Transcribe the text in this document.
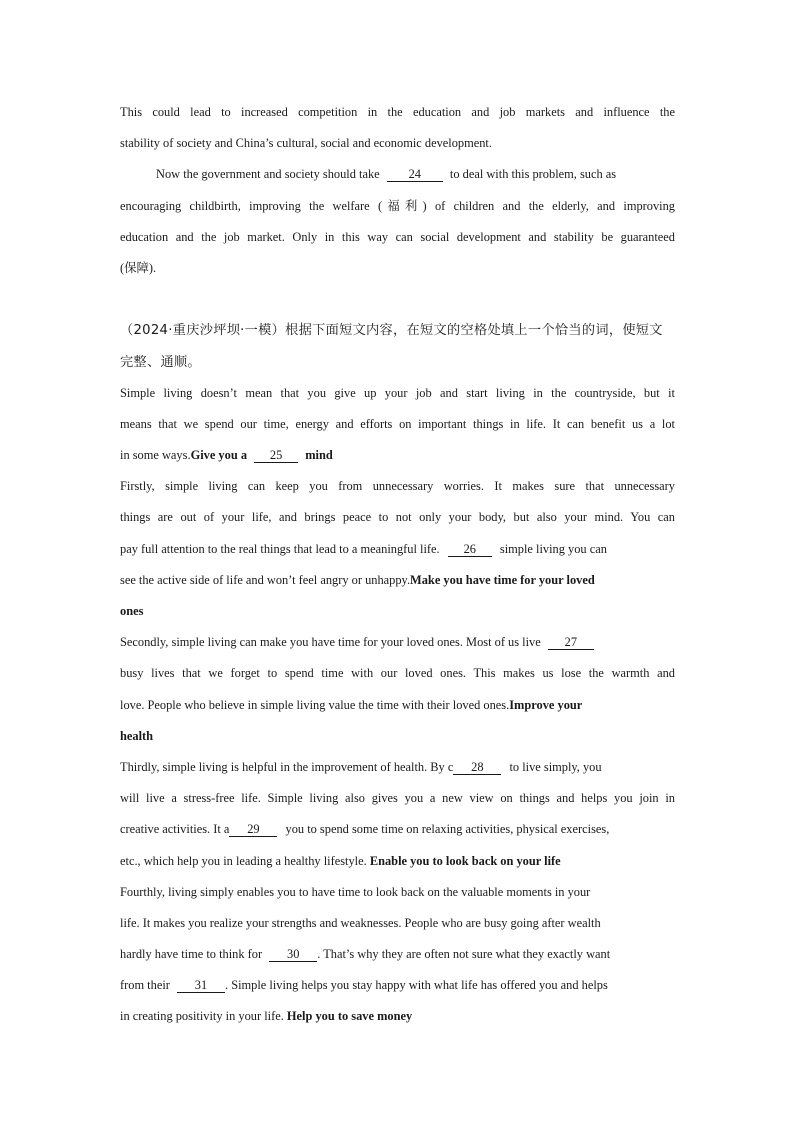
This could lead to increased competition in the education and job markets and influence the
stability of society and China’s cultural, social and economic development.
Now the government and society should take 24 to deal with this problem, such as
encouraging childbirth, improving the welfare (福利) of children and the elderly, and improving
education and the job market. Only in this way can social development and stability be guaranteed
(保障).
（2024·重庆沙坪坝·一模）根据下面短文内容，在短文的空格处填上一个恰当的词，使短文
完整、通顺。
Simple living doesn’t mean that you give up your job and start living in the countryside, but it
means that we spend our time, energy and efforts on important things in life. It can benefit us a lot
in some ways.Give you a 25 mind
Firstly, simple living can keep you from unnecessary worries. It makes sure that unnecessary
things are out of your life, and brings peace to not only your body, but also your mind. You can
pay full attention to the real things that lead to a meaningful life. 26 simple living you can
see the active side of life and won’t feel angry or unhappy.Make you have time for your loved
ones
Secondly, simple living can make you have time for your loved ones. Most of us live 27
busy lives that we forget to spend time with our loved ones. This makes us lose the warmth and
love. People who believe in simple living value the time with their loved ones.Improve your
health
Thirdly, simple living is helpful in the improvement of health. By c 28 to live simply, you
will live a stress-free life. Simple living also gives you a new view on things and helps you join in
creative activities. It a 29 you to spend some time on relaxing activities, physical exercises,
etc., which help you in leading a healthy lifestyle. Enable you to look back on your life
Fourthly, living simply enables you to have time to look back on the valuable moments in your
life. It makes you realize your strengths and weaknesses. People who are busy going after wealth
hardly have time to think for 30 . That’s why they are often not sure what they exactly want
from their 31 . Simple living helps you stay happy with what life has offered you and helps
in creating positivity in your life. Help you to save money
